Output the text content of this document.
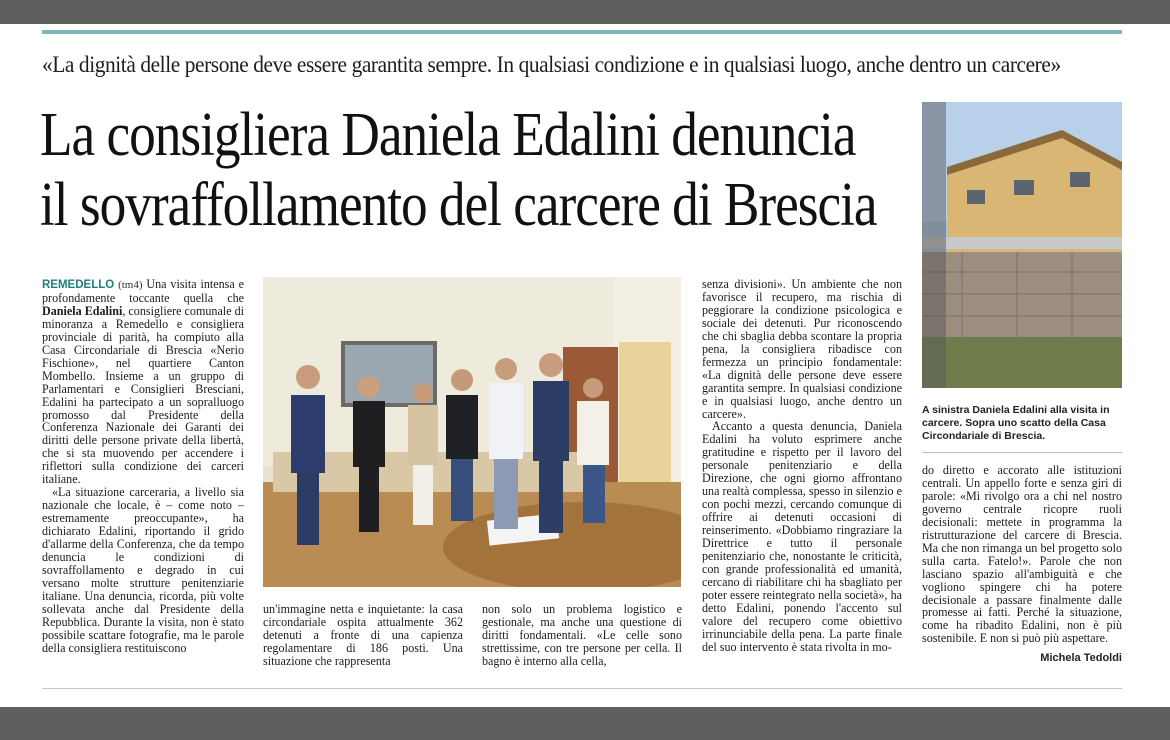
«La dignità delle persone deve essere garantita sempre. In qualsiasi condizione e in qualsiasi luogo, anche dentro un carcere»
La consigliera Daniela Edalini denuncia
il sovraffollamento del carcere di Brescia

REMEDELLO (tm4) Una visita intensa e profondamente toccante quella che Daniela Edalini, consigliere comunale di minoranza a Remedello e consigliera provinciale di parità, ha compiuto alla Casa Circondariale di Brescia «Nerio Fischione», nel quartiere Canton Mombello. Insieme a un gruppo di Parlamentari e Consiglieri Bresciani, Edalini ha partecipato a un sopralluogo promosso dal Presidente della Conferenza Nazionale dei Garanti dei diritti delle persone private della libertà, che si sta muovendo per accendere i riflettori sulla condizione dei carceri italiane.

«La situazione carceraria, a livello sia nazionale che locale, è – come noto – estremamente preoccupante», ha dichiarato Edalini, riportando il grido d'allarme della Conferenza, che da tempo denuncia le condizioni di sovraffollamento e degrado in cui versano molte strutture penitenziarie italiane. Una denuncia, ricorda, più volte sollevata anche dal Presidente della Repubblica. Durante la visita, non è stato possibile scattare fotografie, ma le parole della consigliera restituiscono

un'immagine netta e inquietante: la casa circondariale ospita attualmente 362 detenuti a fronte di una capienza regolamentare di 186 posti. Una situazione che rappresenta
non solo un problema logistico e gestionale, ma anche una questione di diritti fondamentali. «Le celle sono strettissime, con tre persone per cella. Il bagno è interno alla cella,

senza divisioni». Un ambiente che non favorisce il recupero, ma rischia di peggiorare la condizione psicologica e sociale dei detenuti. Pur riconoscendo che chi sbaglia debba scontare la propria pena, la consigliera ribadisce con fermezza un principio fondamentale: «La dignità delle persone deve essere garantita sempre. In qualsiasi condizione e in qualsiasi luogo, anche dentro un carcere».

Accanto a questa denuncia, Daniela Edalini ha voluto esprimere anche gratitudine e rispetto per il lavoro del personale penitenziario e della Direzione, che ogni giorno affrontano una realtà complessa, spesso in silenzio e con pochi mezzi, cercando comunque di offrire ai detenuti occasioni di reinserimento. «Dobbiamo ringraziare la Direttrice e tutto il personale penitenziario che, nonostante le criticità, con grande professionalità ed umanità, cercano di riabilitare chi ha sbagliato per poter essere reintegrato nella società», ha detto Edalini, ponendo l'accento sul valore del recupero come obiettivo irrinunciabile della pena. La parte finale del suo intervento è stata rivolta in mo-

A sinistra Daniela Edalini alla visita in carcere. Sopra uno scatto della Casa Circondariale di Brescia.
do diretto e accorato alle istituzioni centrali. Un appello forte e senza giri di parole: «Mi rivolgo ora a chi nel nostro governo centrale ricopre ruoli decisionali: mettete in programma la ristrutturazione del carcere di Brescia. Ma che non rimanga un bel progetto solo sulla carta. Fatelo!». Parole che non lasciano spazio all'ambiguità e che vogliono spingere chi ha potere decisionale a passare finalmente dalle promesse ai fatti. Perché la situazione, come ha ribadito Edalini, non è più sostenibile. E non si può più aspettare.
Michela Tedoldi
